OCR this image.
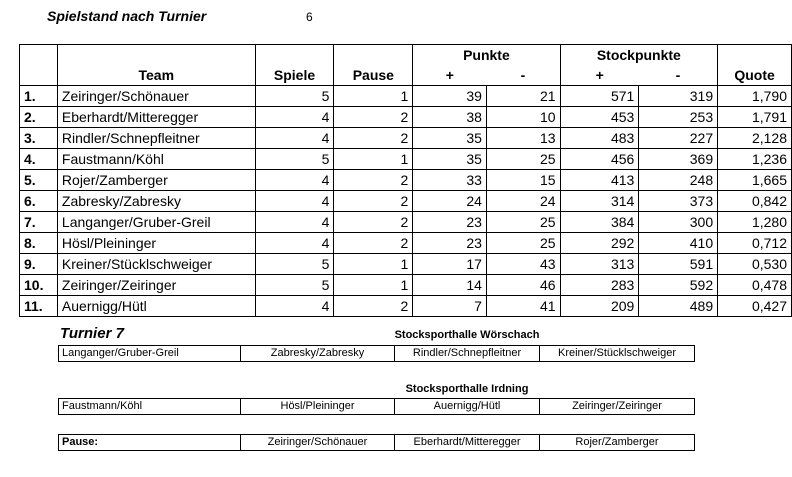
Spielstand nach Turnier	6
				Punkte		Stockpunkte		
	Team	Spiele	Pause	+	-	+	-	Quote
1.	Zeiringer/Schönauer	5	1	39	21	571	319	1,790
2.	Eberhardt/Mitteregger	4	2	38	10	453	253	1,791
3.	Rindler/Schnepfleitner	4	2	35	13	483	227	2,128
4.	Faustmann/Köhl	5	1	35	25	456	369	1,236
5.	Rojer/Zamberger	4	2	33	15	413	248	1,665
6.	Zabresky/Zabresky	4	2	24	24	314	373	0,842
7.	Langanger/Gruber-Greil	4	2	23	25	384	300	1,280
8.	Hösl/Pleininger	4	2	23	25	292	410	0,712
9.	Kreiner/Stücklschweiger	5	1	17	43	313	591	0,530
10.	Zeiringer/Zeiringer	5	1	14	46	283	592	0,478
11.	Auernigg/Hütl	4	2	7	41	209	489	0,427
Turnier 7	Stocksporthalle Wörschach
Langanger/Gruber-Greil	Zabresky/Zabresky	Rindler/Schnepfleitner	Kreiner/Stücklschweiger
Stocksporthalle Irdning
Faustmann/Köhl	Hösl/Pleininger	Auernigg/Hütl	Zeiringer/Zeiringer
Pause:	Zeiringer/Schönauer	Eberhardt/Mitteregger	Rojer/Zamberger
